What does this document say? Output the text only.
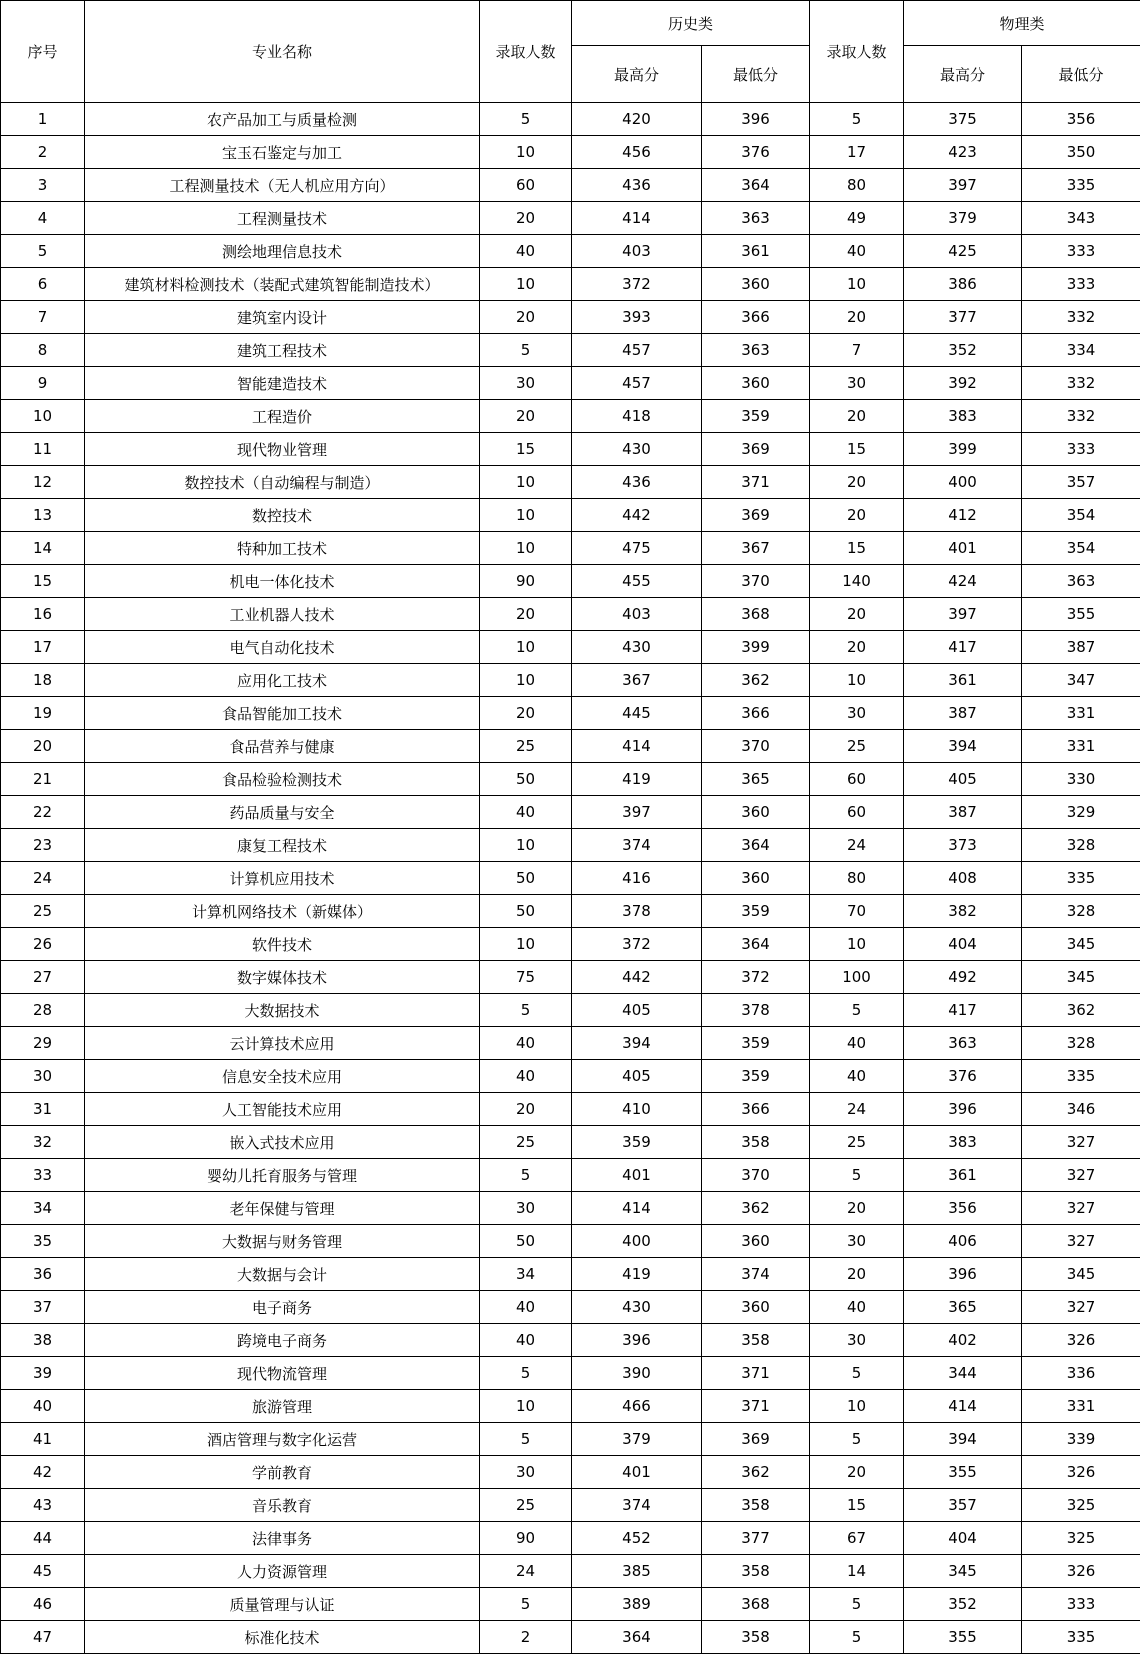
序号	专业名称	录取人数	历史类		录取人数	物理类	
			最高分	最低分		最高分	最低分
1	农产品加工与质量检测	5	420	396	5	375	356
2	宝玉石鉴定与加工	10	456	376	17	423	350
3	工程测量技术（无人机应用方向）	60	436	364	80	397	335
4	工程测量技术	20	414	363	49	379	343
5	测绘地理信息技术	40	403	361	40	425	333
6	建筑材料检测技术（装配式建筑智能制造技术）	10	372	360	10	386	333
7	建筑室内设计	20	393	366	20	377	332
8	建筑工程技术	5	457	363	7	352	334
9	智能建造技术	30	457	360	30	392	332
10	工程造价	20	418	359	20	383	332
11	现代物业管理	15	430	369	15	399	333
12	数控技术（自动编程与制造）	10	436	371	20	400	357
13	数控技术	10	442	369	20	412	354
14	特种加工技术	10	475	367	15	401	354
15	机电一体化技术	90	455	370	140	424	363
16	工业机器人技术	20	403	368	20	397	355
17	电气自动化技术	10	430	399	20	417	387
18	应用化工技术	10	367	362	10	361	347
19	食品智能加工技术	20	445	366	30	387	331
20	食品营养与健康	25	414	370	25	394	331
21	食品检验检测技术	50	419	365	60	405	330
22	药品质量与安全	40	397	360	60	387	329
23	康复工程技术	10	374	364	24	373	328
24	计算机应用技术	50	416	360	80	408	335
25	计算机网络技术（新媒体）	50	378	359	70	382	328
26	软件技术	10	372	364	10	404	345
27	数字媒体技术	75	442	372	100	492	345
28	大数据技术	5	405	378	5	417	362
29	云计算技术应用	40	394	359	40	363	328
30	信息安全技术应用	40	405	359	40	376	335
31	人工智能技术应用	20	410	366	24	396	346
32	嵌入式技术应用	25	359	358	25	383	327
33	婴幼儿托育服务与管理	5	401	370	5	361	327
34	老年保健与管理	30	414	362	20	356	327
35	大数据与财务管理	50	400	360	30	406	327
36	大数据与会计	34	419	374	20	396	345
37	电子商务	40	430	360	40	365	327
38	跨境电子商务	40	396	358	30	402	326
39	现代物流管理	5	390	371	5	344	336
40	旅游管理	10	466	371	10	414	331
41	酒店管理与数字化运营	5	379	369	5	394	339
42	学前教育	30	401	362	20	355	326
43	音乐教育	25	374	358	15	357	325
44	法律事务	90	452	377	67	404	325
45	人力资源管理	24	385	358	14	345	326
46	质量管理与认证	5	389	368	5	352	333
47	标准化技术	2	364	358	5	355	335
